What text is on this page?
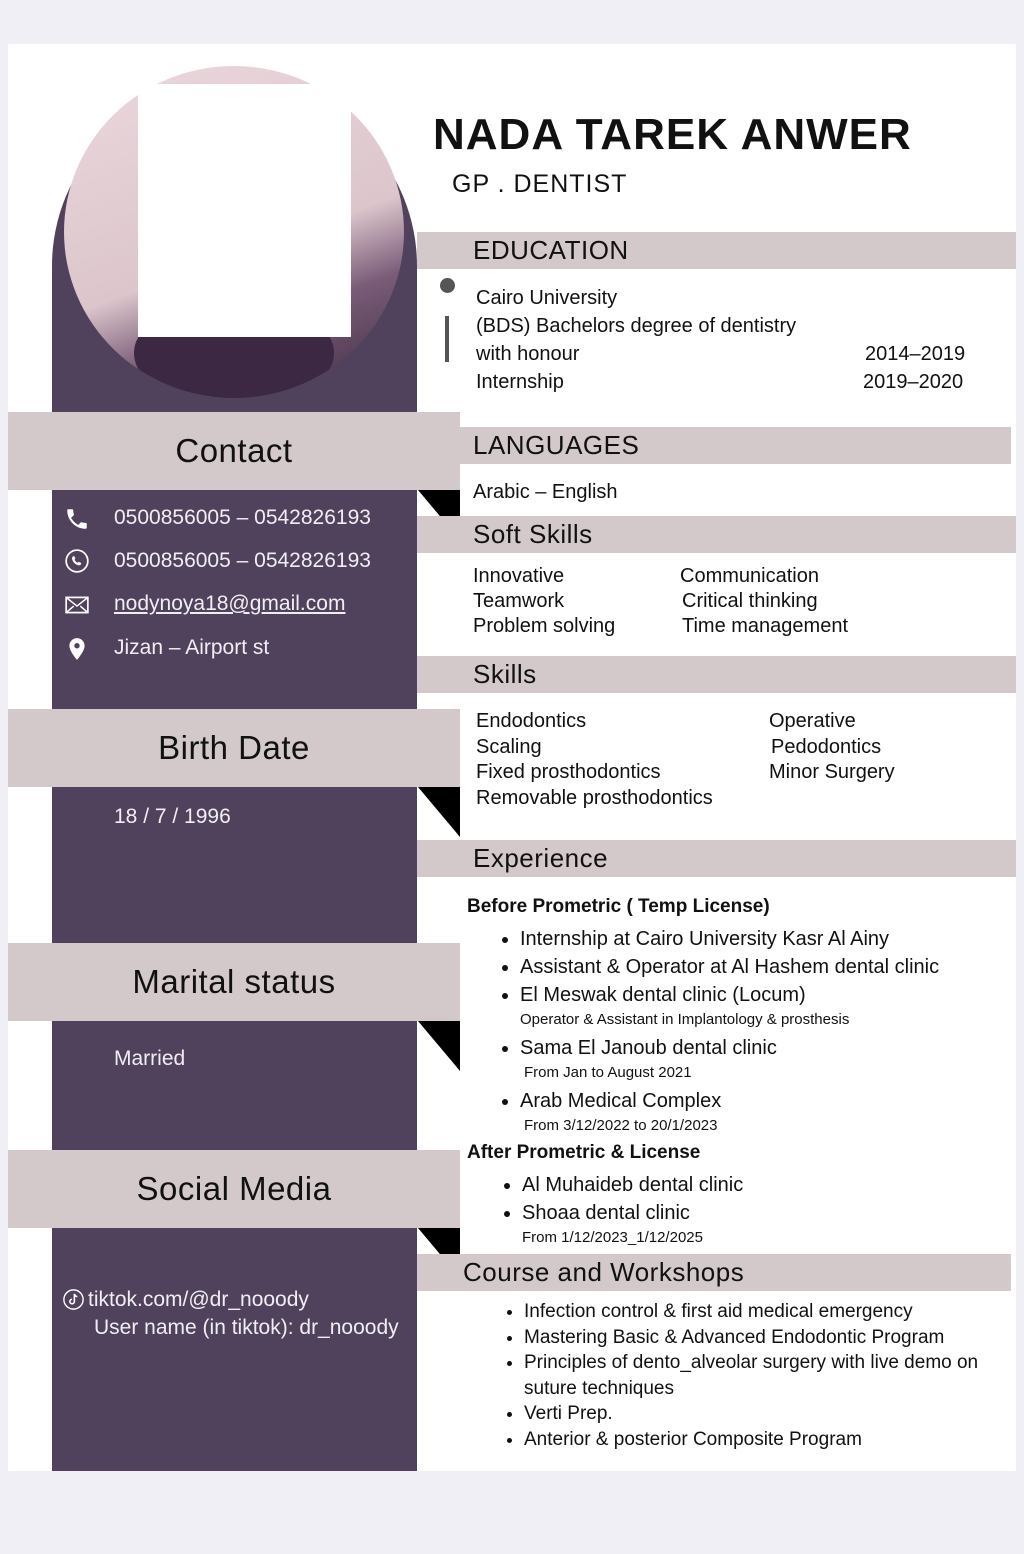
Contact
0500856005 – 0542826193
0500856005 – 0542826193
nodynoya18@gmail.com
Jizan – Airport st
Birth Date
18 / 7 / 1996
Marital status
Married
Social Media
tiktok.com/@dr_nooody
User name (in tiktok): dr_nooody
NADA TAREK ANWER
GP . DENTIST
EDUCATION
Cairo University
(BDS) Bachelors degree of dentistry
with honour	2014–2019
Internship	2019–2020
LANGUAGES
Arabic – English
Soft Skills
Innovative
Teamwork
Problem solving
Communication
Critical thinking
Time management
Skills
Endodontics
Scaling
Fixed prosthodontics
Removable prosthodontics
Operative
Pedodontics
Minor Surgery
Experience
Before Prometric ( Temp License)
• Internship at Cairo University Kasr Al Ainy
• Assistant & Operator at Al Hashem dental clinic
• El Meswak dental clinic (Locum)
Operator & Assistant in Implantology & prosthesis
• Sama El Janoub dental clinic
From Jan to August 2021
• Arab Medical Complex
From 3/12/2022 to 20/1/2023
After Prometric & License
• Al Muhaideb dental clinic
• Shoaa dental clinic
From 1/12/2023_1/12/2025
Course and Workshops
• Infection control & first aid medical emergency
• Mastering Basic & Advanced Endodontic Program
• Principles of dento_alveolar surgery with live demo on suture techniques
• Verti Prep.
• Anterior & posterior Composite Program
